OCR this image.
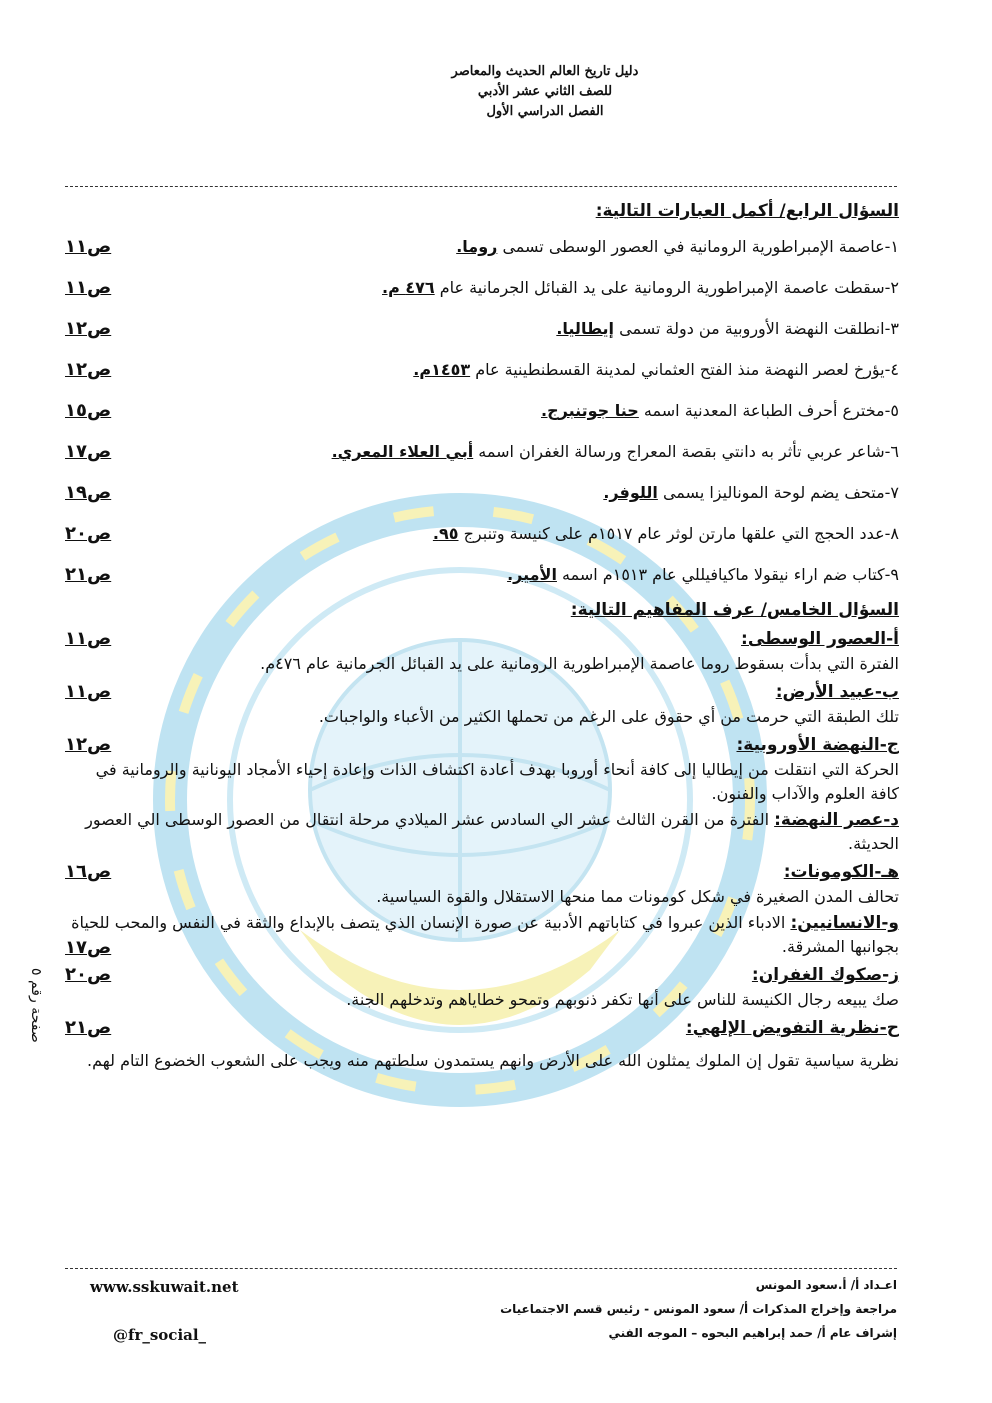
دليل تاريخ العالم الحديث والمعاصر
للصف الثاني عشر الأدبي
الفصل الدراسي الأول
السؤال الرابع/ أكمل العبارات التالية:
١-عاصمة الإمبراطورية الرومانية في العصور الوسطى تسمى روما.
ص١١
٢-سقطت عاصمة الإمبراطورية الرومانية على يد القبائل الجرمانية عام ٤٧٦ م.
ص١١
٣-انطلقت النهضة الأوروبية من دولة تسمى إيطاليا.
ص١٢
٤-يؤرخ لعصر النهضة منذ الفتح العثماني لمدينة القسطنطينية عام ١٤٥٣م.
ص١٢
٥-مخترع أحرف الطباعة المعدنية اسمه حنا جوتنبرج.
ص١٥
٦-شاعر عربي تأثر به دانتي بقصة المعراج ورسالة الغفران اسمه أبي العلاء المعري.
ص١٧
٧-متحف يضم لوحة الموناليزا يسمى اللوفر.
ص١٩
٨-عدد الحجج التي علقها مارتن لوثر عام ١٥١٧م على كنيسة وتنبرج ٩٥.
ص٢٠
٩-كتاب ضم اراء نيقولا ماكيافيللي عام ١٥١٣م اسمه الأمير.
ص٢١
السؤال الخامس/ عرف المفاهيم التالية:
أ-العصور الوسطى:
ص١١
الفترة التي بدأت بسقوط روما عاصمة الإمبراطورية الرومانية على يد القبائل الجرمانية عام ٤٧٦م.
ب-عبيد الأرض:
ص١١
تلك الطبقة التي حرمت من أي حقوق على الرغم من تحملها الكثير من الأعباء والواجبات.
ج-النهضة الأوروبية:
ص١٢
الحركة التي انتقلت من إيطاليا إلى كافة أنحاء أوروبا بهدف أعادة اكتشاف الذات وإعادة إحياء الأمجاد اليونانية والرومانية في كافة العلوم والآداب والفنون.
د-عصر النهضة: الفترة من القرن الثالث عشر الي السادس عشر الميلادي مرحلة انتقال من العصور الوسطى الي العصور الحديثة.
هـ-الكومونات:
ص١٦
تحالف المدن الصغيرة في شكل كومونات مما منحها الاستقلال والقوة السياسية.
و-الانسانيين: الادباء الذين عبروا في كتاباتهم الأدبية عن صورة الإنسان الذي يتصف بالإبداع والثقة في النفس والمحب للحياة بجوانبها المشرقة.
ص١٧
ز-صكوك الغفران:
ص٢٠
صك يبيعه رجال الكنيسة للناس على أنها تكفر ذنوبهم وتمحو خطاياهم وتدخلهم الجنة.
ح-نظرية التفويض الإلهي:
ص٢١
نظرية سياسية تقول إن الملوك يمثلون الله على الأرض وانهم يستمدون سلطتهم منه ويجب على الشعوب الخضوع التام لهم.
صفحة رقم ٥
اعـداد أ/ أ.سعود المونس
مراجعة وإخراج المذكرات أ/ سعود المونس - رئيس قسم الاجتماعيات
إشراف عام أ/ حمد إبراهيم البحوه – الموجه الفني
www.sskuwait.net
@fr_social_
